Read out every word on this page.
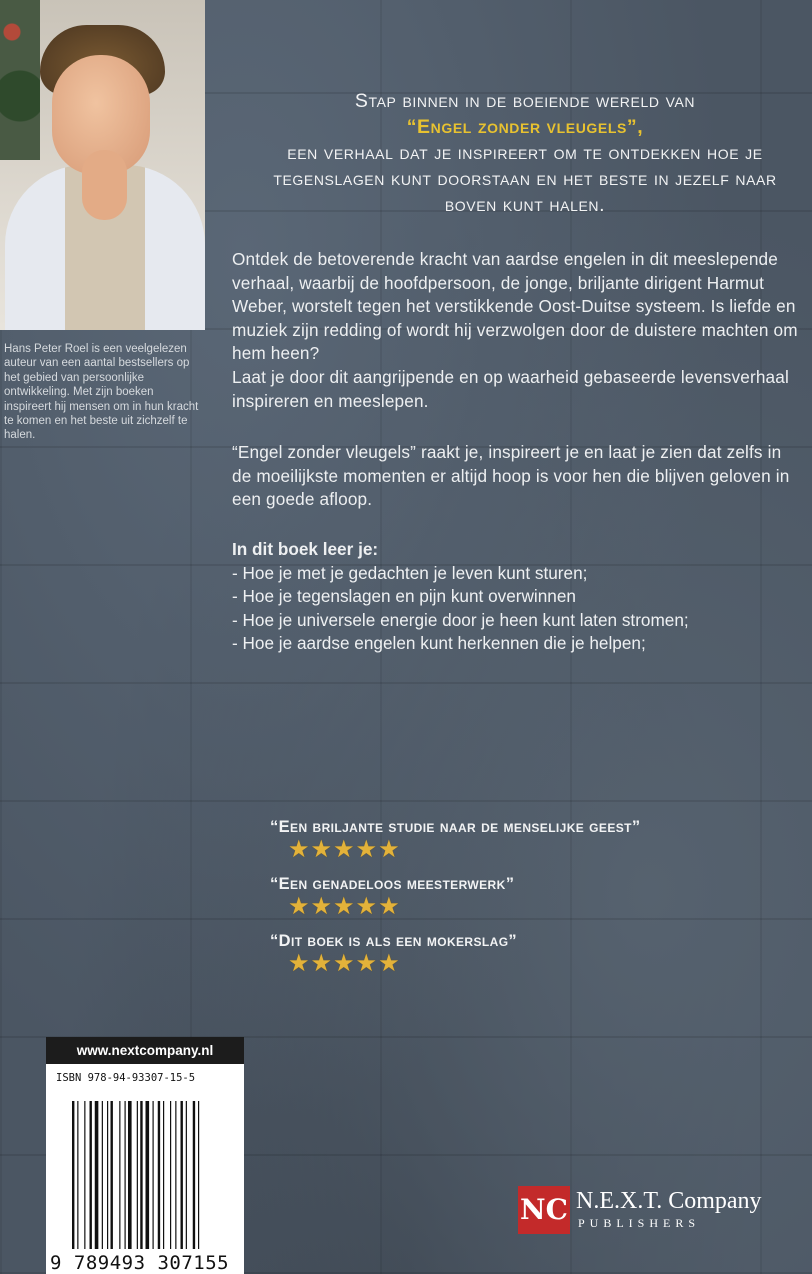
Hans Peter Roel is een veelgelezen auteur van een aantal bestsellers op het gebied van persoonlijke ontwikkeling. Met zijn boeken inspireert hij mensen om in hun kracht te komen en het beste uit zichzelf te halen.
Stap binnen in de boeiende wereld van
“Engel zonder vleugels”,
een verhaal dat je inspireert om te ontdekken hoe je tegenslagen kunt doorstaan en het beste in jezelf naar boven kunt halen.
Ontdek de betoverende kracht van aardse engelen in dit meeslepende verhaal, waarbij de hoofdpersoon, de jonge, briljante dirigent Harmut Weber, worstelt tegen het verstikkende Oost-Duitse systeem. Is liefde en muziek zijn redding of wordt hij verzwolgen door de duistere machten om hem heen?
Laat je door dit aangrijpende en op waarheid gebaseerde levensverhaal inspireren en meeslepen.
“Engel zonder vleugels” raakt je, inspireert je en laat je zien dat zelfs in de moeilijkste momenten er altijd hoop is voor hen die blijven geloven in een goede afloop.
In dit boek leer je:
- Hoe je met je gedachten je leven kunt sturen;
- Hoe je tegenslagen en pijn kunt overwinnen
- Hoe je universele energie door je heen kunt laten stromen;
- Hoe je aardse engelen kunt herkennen die je helpen;
“Een briljante studie naar de menselijke geest”
★★★★★
“Een genadeloos meesterwerk”
★★★★★
“Dit boek is als een mokerslag”
★★★★★
www.nextcompany.nl
ISBN 978-94-93307-15-5
9 789493 307155
NC N.E.X.T. Company
PUBLISHERS
